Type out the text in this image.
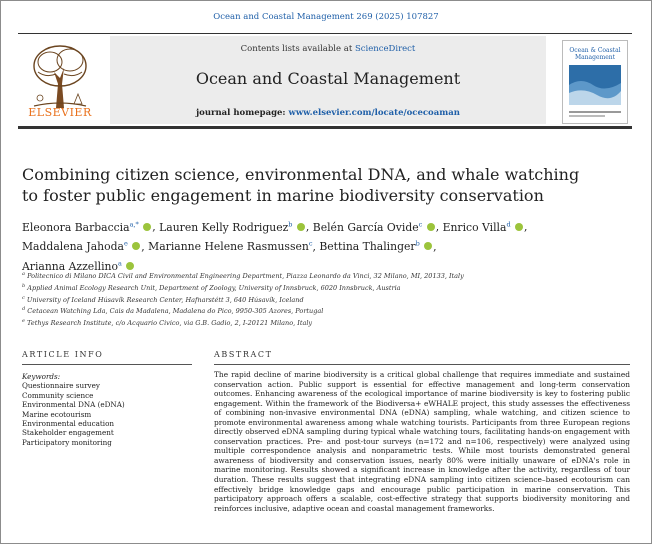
Ocean and Coastal Management 269 (2025) 107827
ELSEVIER
Contents lists available at ScienceDirect
Ocean and Coastal Management
journal homepage: www.elsevier.com/locate/ocecoaman
Ocean & Coastal Management
Combining citizen science, environmental DNA, and whale watching to foster public engagement in marine biodiversity conservation
Eleonora Barbaccia$^{a,*}$ , Lauren Kelly Rodriguez$^b$ , Belén García Ovide$^c$ , Enrico Villa$^d$ ,
Maddalena Jahoda$^e$ , Marianne Helene Rasmussen$^c$, Bettina Thalinger$^b$ ,
Arianna Azzellino$^a$
$^a$ Politecnico di Milano DICA Civil and Environmental Engineering Department, Piazza Leonardo da Vinci, 32 Milano, MI, 20133, Italy
$^b$ Applied Animal Ecology Research Unit, Department of Zoology, University of Innsbruck, 6020 Innsbruck, Austria
$^c$ University of Iceland Húsavík Research Center, Hafnarstétt 3, 640 Húsavík, Iceland
$^d$ Cetacean Watching Lda, Cais da Madalena, Madalena do Pico, 9950-305 Azores, Portugal
$^e$ Tethys Research Institute, c/o Acquario Civico, via G.B. Gadio, 2, I-20121 Milano, Italy
ARTICLE INFO
Keywords:
Questionnaire survey
Community science
Environmental DNA (eDNA)
Marine ecotourism
Environmental education
Stakeholder engagement
Participatory monitoring
ABSTRACT
The rapid decline of marine biodiversity is a critical global challenge that requires immediate and sustained conservation action. Public support is essential for effective management and long-term conservation outcomes. Enhancing awareness of the ecological importance of marine biodiversity is key to fostering public engagement. Within the framework of the Biodiversa+ eWHALE project, this study assesses the effectiveness of combining non-invasive environmental DNA (eDNA) sampling, whale watching, and citizen science to promote environmental awareness among whale watching tourists. Participants from three European regions directly observed eDNA sampling during typical whale watching tours, facilitating hands-on engagement with conservation practices. Pre- and post-tour surveys (n=172 and n=106, respectively) were analyzed using multiple correspondence analysis and nonparametric tests. While most tourists demonstrated general awareness of biodiversity and conservation issues, nearly 80% were initially unaware of eDNA's role in marine monitoring. Results showed a significant increase in knowledge after the activity, regardless of tour duration. These results suggest that integrating eDNA sampling into citizen science–based ecotourism can effectively bridge knowledge gaps and encourage public participation in marine conservation. This participatory approach offers a scalable, cost-effective strategy that supports biodiversity monitoring and reinforces inclusive, adaptive ocean and coastal management frameworks.
